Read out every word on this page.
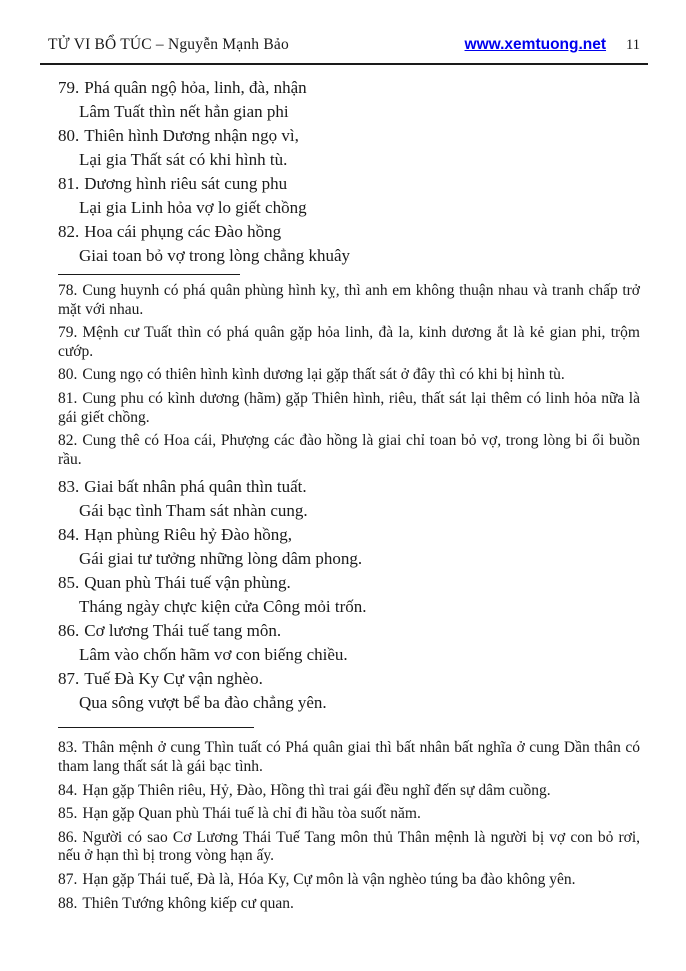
TỬ VI BỔ TÚC – Nguyễn Mạnh Bảo	www.xemtuong.net 11
79. Phá quân ngộ hỏa, linh, đà, nhận
Lâm Tuất thìn nết hẳn gian phi
80. Thiên hình Dương nhận ngọ vì,
Lại gia Thất sát có khi hình tù.
81. Dương hình riêu sát cung phu
Lại gia Linh hỏa vợ lo giết chồng
82. Hoa cái phụng các Đào hồng
Giai toan bỏ vợ trong lòng chẳng khuây

78. Cung huynh có phá quân phùng hình kỵ, thì anh em không thuận nhau và tranh chấp trở mặt với nhau.

79. Mệnh cư Tuất thìn có phá quân gặp hỏa linh, đà la, kinh dương ắt là kẻ gian phi, trộm cướp.

80. Cung ngọ có thiên hình kình dương lại gặp thất sát ở đây thì có khi bị hình tù.

81. Cung phu có kình dương (hãm) gặp Thiên hình, riêu, thất sát lại thêm có linh hỏa nữa là gái giết chồng.

82. Cung thê có Hoa cái, Phượng các đào hồng là giai chỉ toan bỏ vợ, trong lòng bi ổi buồn rầu.

83. Giai bất nhân phá quân thìn tuất.
Gái bạc tình Tham sát nhàn cung.
84. Hạn phùng Riêu hỷ Đào hồng,
Gái giai tư tưởng những lòng dâm phong.
85. Quan phù Thái tuế vận phùng.
Tháng ngày chực kiện cửa Công mỏi trốn.
86. Cơ lương Thái tuế tang môn.
Lâm vào chốn hãm vơ con biếng chiều.
87. Tuế Đà Ky Cự vận nghèo.
Qua sông vượt bể ba đào chẳng yên.

83. Thân mệnh ở cung Thìn tuất có Phá quân giai thì bất nhân bất nghĩa ở cung Dần thân có tham lang thất sát là gái bạc tình.

84. Hạn gặp Thiên riêu, Hỷ, Đào, Hồng thì trai gái đều nghĩ đến sự dâm cuồng.

85. Hạn gặp Quan phù Thái tuế là chỉ đi hầu tòa suốt năm.

86. Người có sao Cơ Lương Thái Tuế Tang môn thủ Thân mệnh là người bị vợ con bỏ rơi, nếu ở hạn thì bị trong vòng hạn ấy.

87. Hạn gặp Thái tuế, Đà là, Hóa Ky, Cự môn là vận nghèo túng ba đào không yên.

88. Thiên Tướng không kiếp cư quan.
